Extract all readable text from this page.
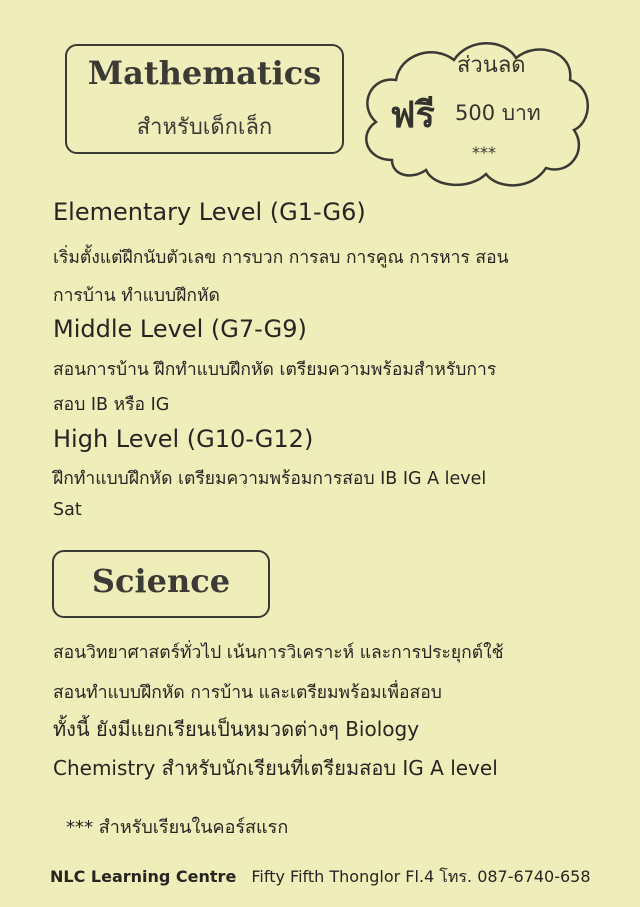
Mathematics
สำหรับเด็กเล็ก
ส่วนลด
ฟรี 500 บาท
***
Elementary Level (G1-G6)
เริ่มตั้งแต่ฝึกนับตัวเลข การบวก การลบ การคูณ การหาร สอน
การบ้าน ทำแบบฝึกหัด
Middle Level (G7-G9)
สอนการบ้าน ฝึกทำแบบฝึกหัด เตรียมความพร้อมสำหรับการ
สอบ IB หรือ IG
High Level (G10-G12)
ฝึกทำแบบฝึกหัด เตรียมความพร้อมการสอบ IB IG A level
Sat
Science
สอนวิทยาศาสตร์ทั่วไป เน้นการวิเคราะห์ และการประยุกต์ใช้
สอนทำแบบฝึกหัด การบ้าน และเตรียมพร้อมเพื่อสอบ
ทั้งนี้ ยังมีแยกเรียนเป็นหมวดต่างๆ Biology
Chemistry สำหรับนักเรียนที่เตรียมสอบ IG A level
*** สำหรับเรียนในคอร์สแรก
NLC Learning Centre Fifty Fifth Thonglor Fl.4 โทร. 087-6740-658
